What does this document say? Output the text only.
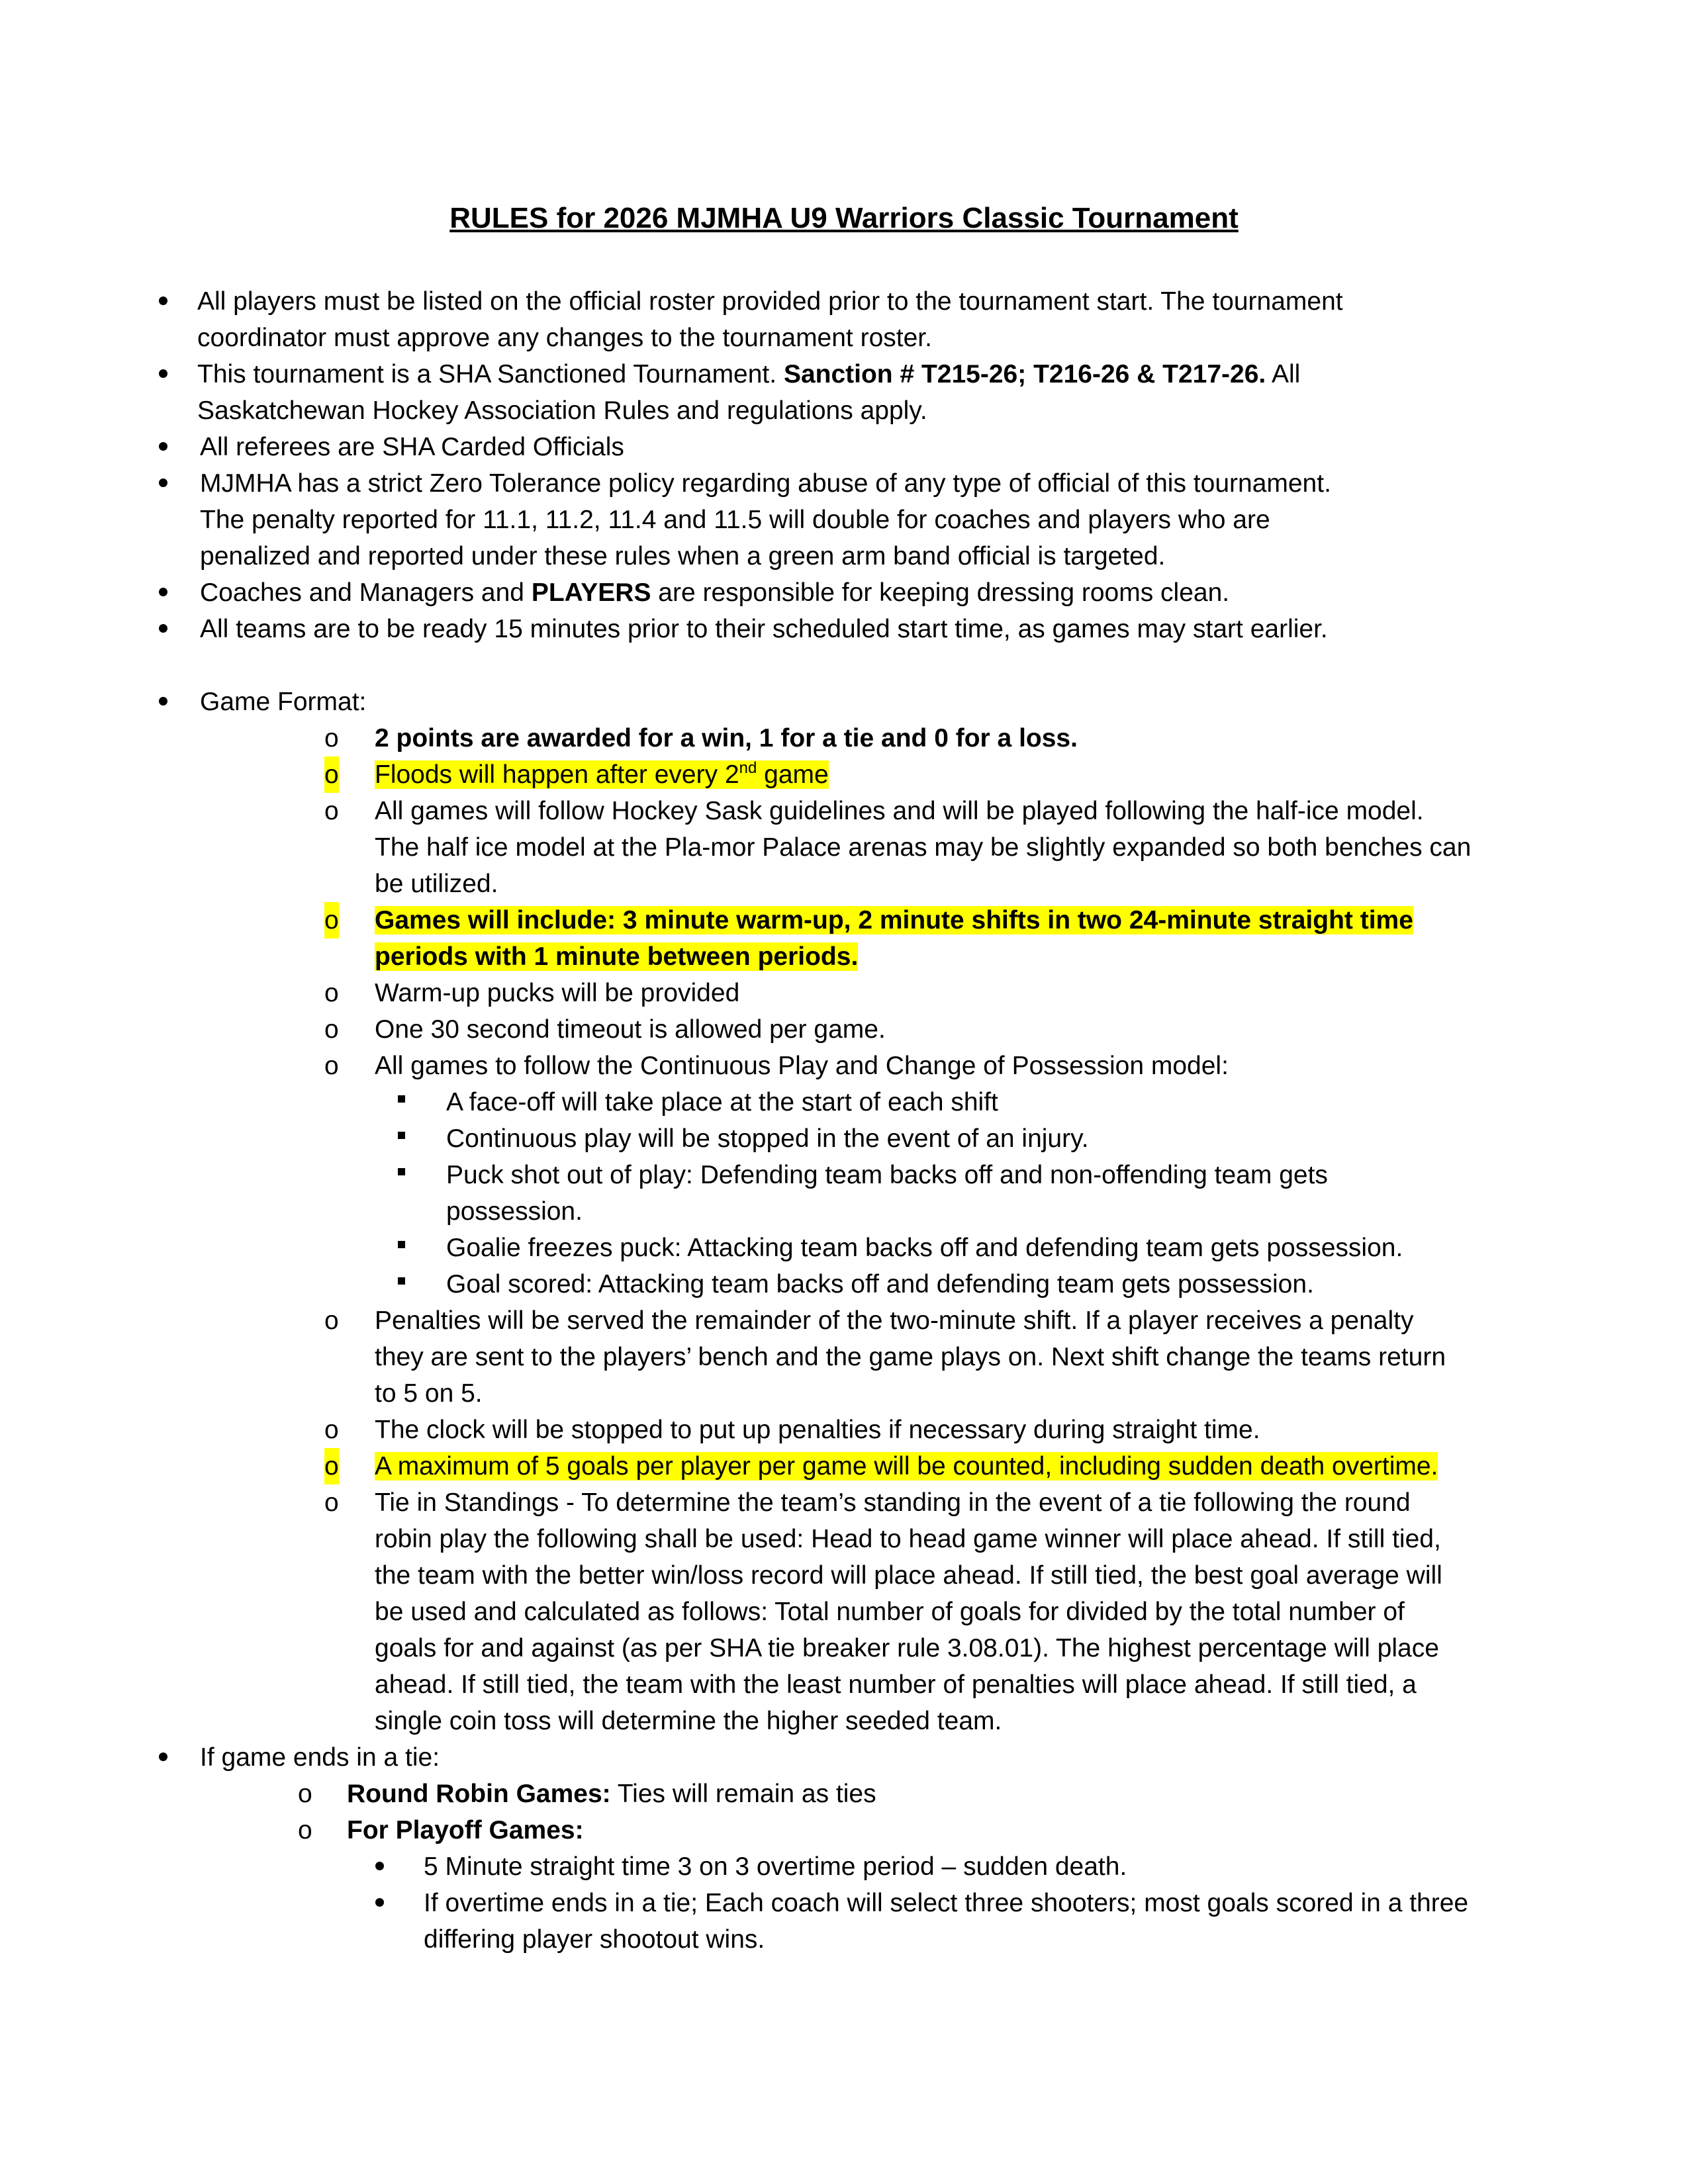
RULES for 2026 MJMHA U9 Warriors Classic Tournament
All players must be listed on the official roster provided prior to the tournament start. The tournament
coordinator must approve any changes to the tournament roster.
This tournament is a SHA Sanctioned Tournament. Sanction # T215-26; T216-26 & T217-26. All
Saskatchewan Hockey Association Rules and regulations apply.
All referees are SHA Carded Officials
MJMHA has a strict Zero Tolerance policy regarding abuse of any type of official of this tournament.
The penalty reported for 11.1, 11.2, 11.4 and 11.5 will double for coaches and players who are
penalized and reported under these rules when a green arm band official is targeted.
Coaches and Managers and PLAYERS are responsible for keeping dressing rooms clean.
All teams are to be ready 15 minutes prior to their scheduled start time, as games may start earlier.
Game Format:
o 2 points are awarded for a win, 1 for a tie and 0 for a loss.
o Floods will happen after every 2nd game
o All games will follow Hockey Sask guidelines and will be played following the half-ice model.
The half ice model at the Pla-mor Palace arenas may be slightly expanded so both benches can
be utilized.
o Games will include: 3 minute warm-up, 2 minute shifts in two 24-minute straight time
periods with 1 minute between periods.
o Warm-up pucks will be provided
o One 30 second timeout is allowed per game.
o All games to follow the Continuous Play and Change of Possession model:
A face-off will take place at the start of each shift
Continuous play will be stopped in the event of an injury.
Puck shot out of play: Defending team backs off and non-offending team gets
possession.
Goalie freezes puck: Attacking team backs off and defending team gets possession.
Goal scored: Attacking team backs off and defending team gets possession.
o Penalties will be served the remainder of the two-minute shift. If a player receives a penalty
they are sent to the players’ bench and the game plays on. Next shift change the teams return
to 5 on 5.
o The clock will be stopped to put up penalties if necessary during straight time.
o A maximum of 5 goals per player per game will be counted, including sudden death overtime.
o Tie in Standings - To determine the team’s standing in the event of a tie following the round
robin play the following shall be used: Head to head game winner will place ahead. If still tied,
the team with the better win/loss record will place ahead. If still tied, the best goal average will
be used and calculated as follows: Total number of goals for divided by the total number of
goals for and against (as per SHA tie breaker rule 3.08.01). The highest percentage will place
ahead. If still tied, the team with the least number of penalties will place ahead. If still tied, a
single coin toss will determine the higher seeded team.
If game ends in a tie:
o Round Robin Games: Ties will remain as ties
o For Playoff Games:
5 Minute straight time 3 on 3 overtime period – sudden death.
If overtime ends in a tie; Each coach will select three shooters; most goals scored in a three
differing player shootout wins.
